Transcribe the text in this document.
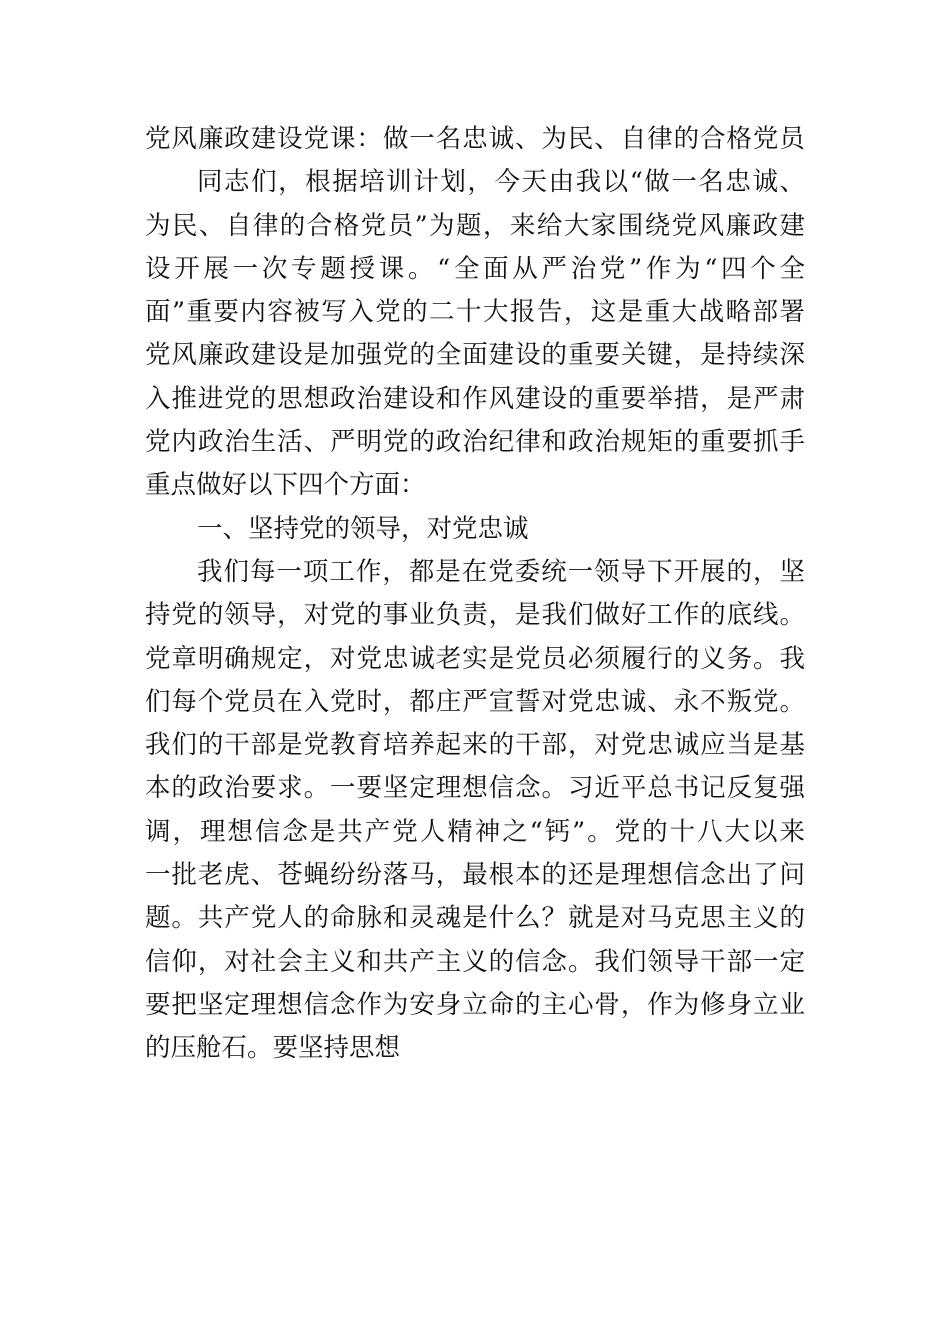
党风廉政建设党课：做一名忠诚、为民、自律的合格党员
同志们，根据培训计划，今天由我以“做一名忠诚、
为民、自律的合格党员”为题，来给大家围绕党风廉政建
设开展一次专题授课。“全面从严治党”作为“四个全
面”重要内容被写入党的二十大报告，这是重大战略部署
党风廉政建设是加强党的全面建设的重要关键，是持续深
入推进党的思想政治建设和作风建设的重要举措，是严肃
党内政治生活、严明党的政治纪律和政治规矩的重要抓手
重点做好以下四个方面：
一、坚持党的领导，对党忠诚
我们每一项工作，都是在党委统一领导下开展的，坚
持党的领导，对党的事业负责，是我们做好工作的底线。
党章明确规定，对党忠诚老实是党员必须履行的义务。我
们每个党员在入党时，都庄严宣誓对党忠诚、永不叛党。
我们的干部是党教育培养起来的干部，对党忠诚应当是基
本的政治要求。一要坚定理想信念。习近平总书记反复强
调，理想信念是共产党人精神之“钙”。党的十八大以来
一批老虎、苍蝇纷纷落马，最根本的还是理想信念出了问
题。共产党人的命脉和灵魂是什么？就是对马克思主义的
信仰，对社会主义和共产主义的信念。我们领导干部一定
要把坚定理想信念作为安身立命的主心骨，作为修身立业
的压舱石。要坚持思想
